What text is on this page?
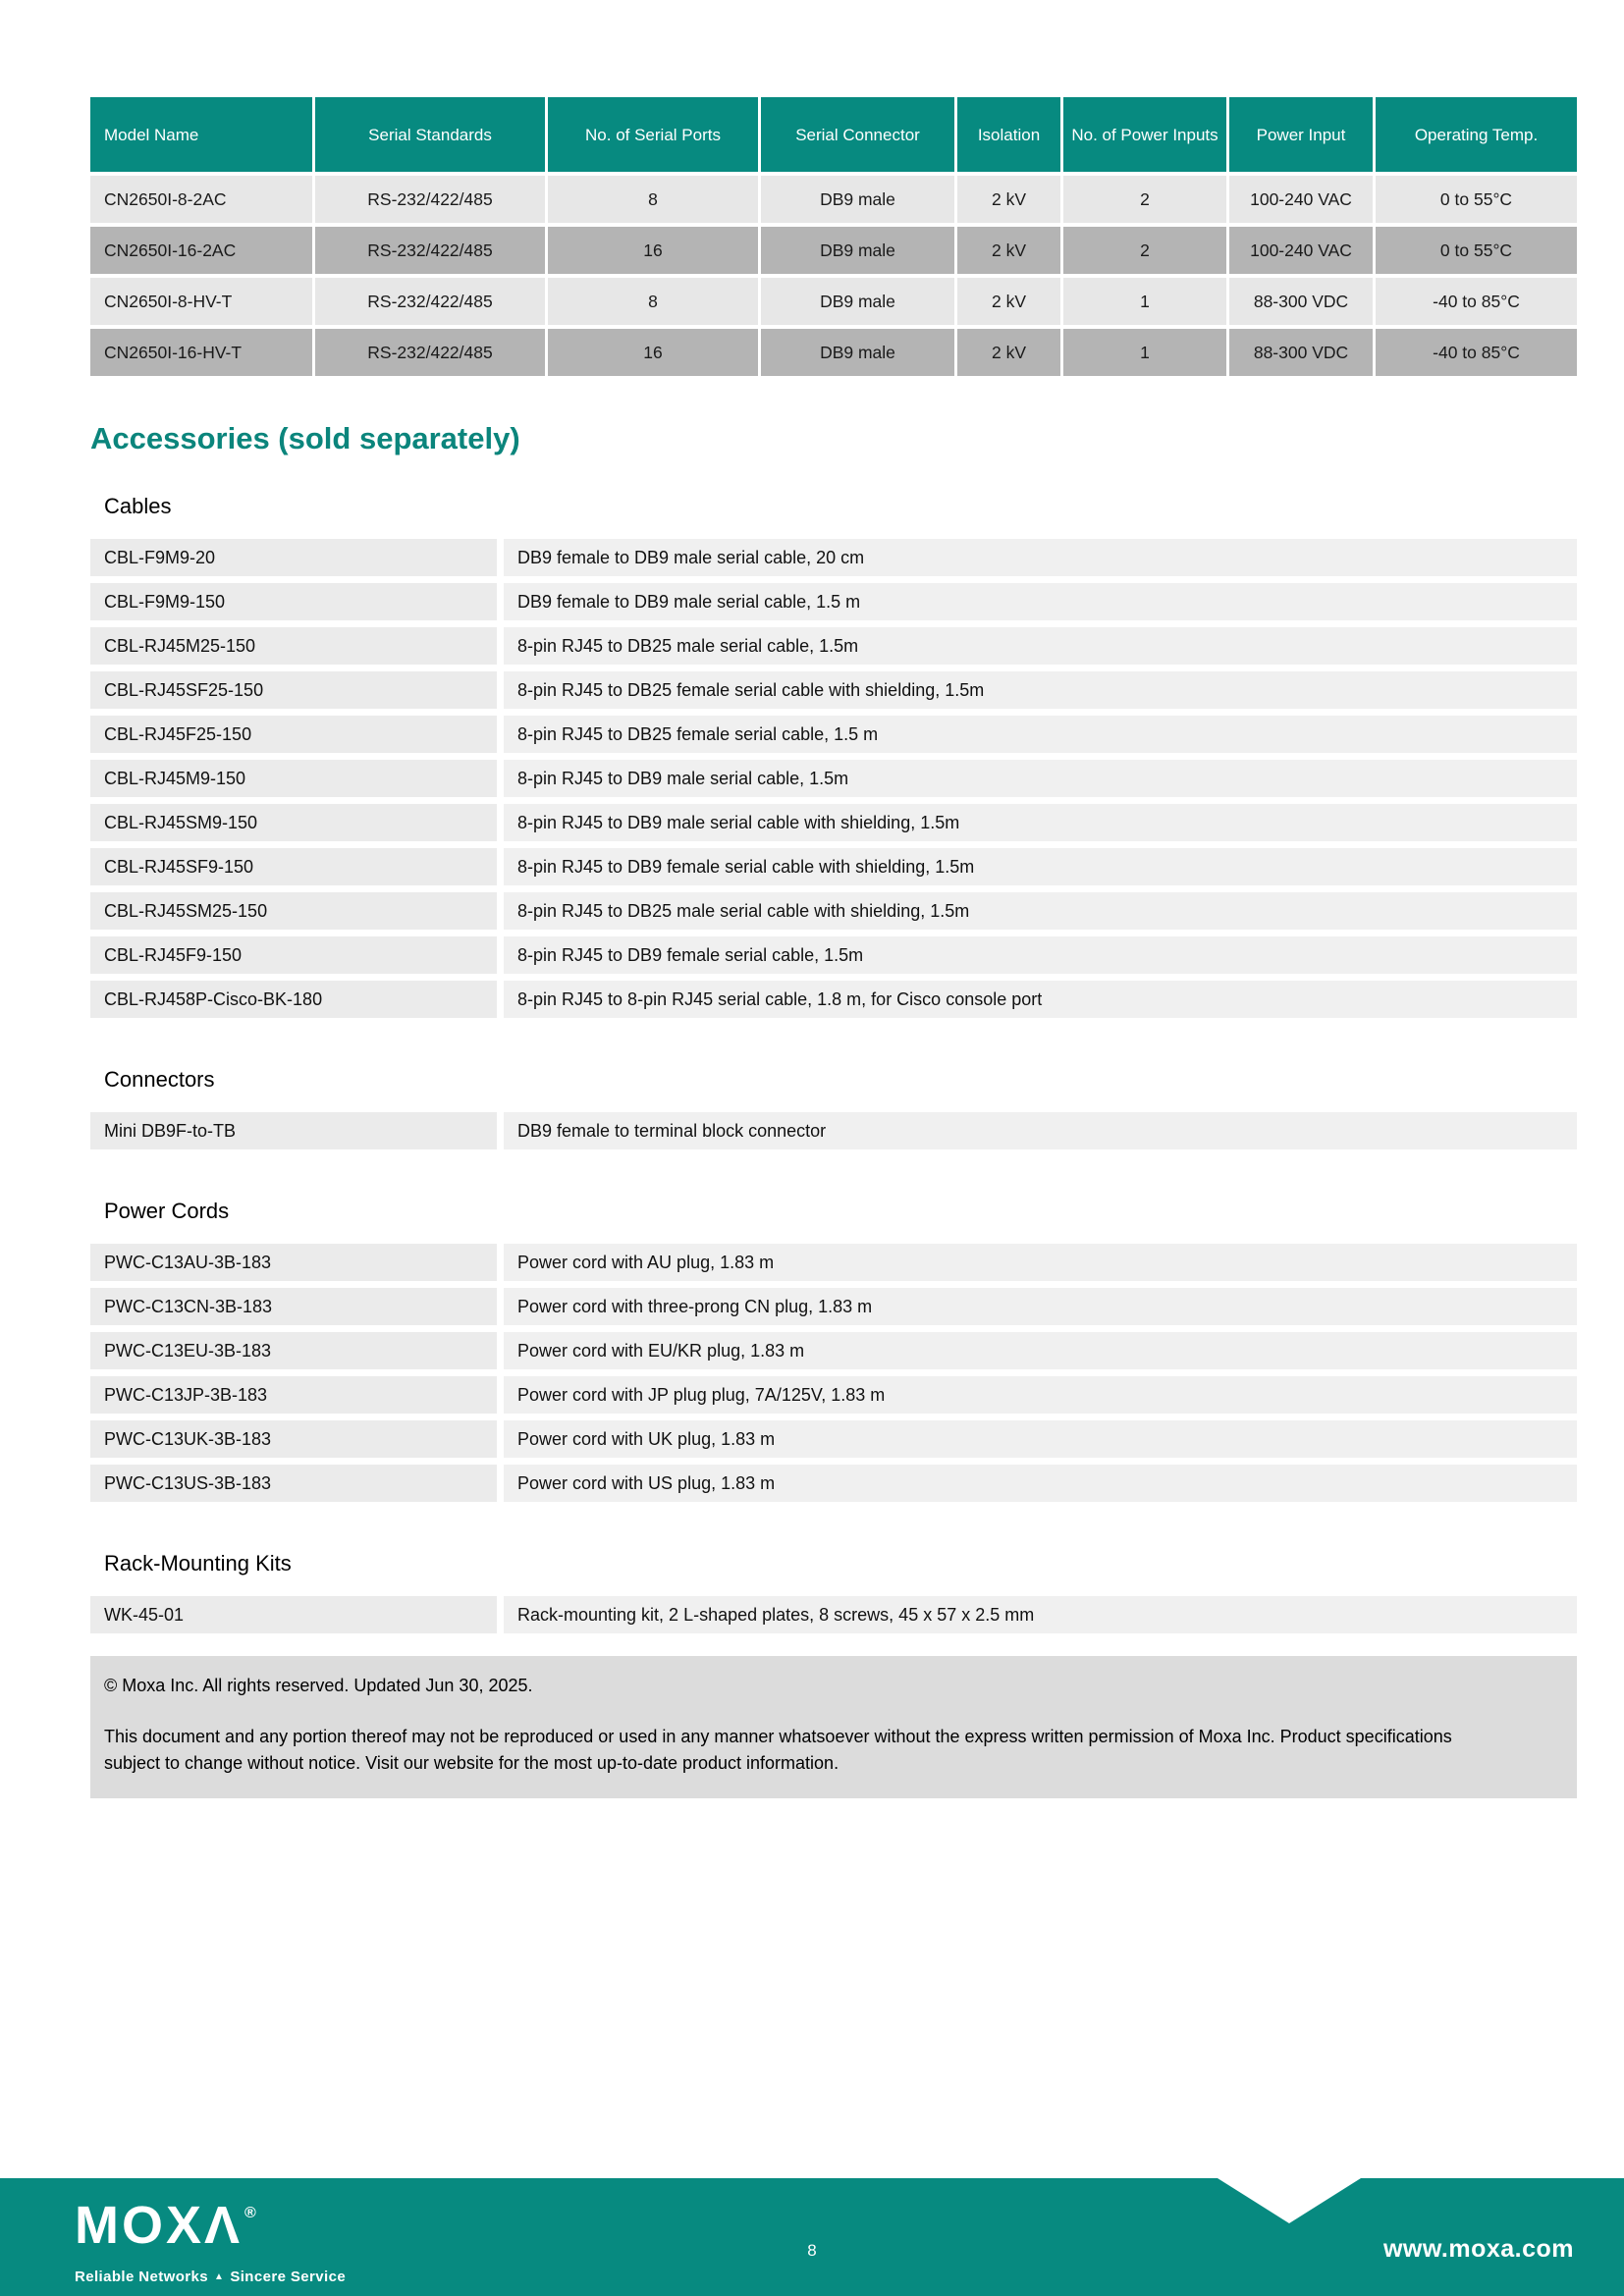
Model Name	Serial Standards	No. of Serial Ports	Serial Connector	Isolation	No. of Power Inputs	Power Input	Operating Temp.
CN2650I-8-2AC	RS-232/422/485	8	DB9 male	2 kV	2	100-240 VAC	0 to 55°C
CN2650I-16-2AC	RS-232/422/485	16	DB9 male	2 kV	2	100-240 VAC	0 to 55°C
CN2650I-8-HV-T	RS-232/422/485	8	DB9 male	2 kV	1	88-300 VDC	-40 to 85°C
CN2650I-16-HV-T	RS-232/422/485	16	DB9 male	2 kV	1	88-300 VDC	-40 to 85°C
Accessories (sold separately)
Cables
CBL-F9M9-20	DB9 female to DB9 male serial cable, 20 cm
CBL-F9M9-150	DB9 female to DB9 male serial cable, 1.5 m
CBL-RJ45M25-150	8-pin RJ45 to DB25 male serial cable, 1.5m
CBL-RJ45SF25-150	8-pin RJ45 to DB25 female serial cable with shielding, 1.5m
CBL-RJ45F25-150	8-pin RJ45 to DB25 female serial cable, 1.5 m
CBL-RJ45M9-150	8-pin RJ45 to DB9 male serial cable, 1.5m
CBL-RJ45SM9-150	8-pin RJ45 to DB9 male serial cable with shielding, 1.5m
CBL-RJ45SF9-150	8-pin RJ45 to DB9 female serial cable with shielding, 1.5m
CBL-RJ45SM25-150	8-pin RJ45 to DB25 male serial cable with shielding, 1.5m
CBL-RJ45F9-150	8-pin RJ45 to DB9 female serial cable, 1.5m
CBL-RJ458P-Cisco-BK-180	8-pin RJ45 to 8-pin RJ45 serial cable, 1.8 m, for Cisco console port
Connectors
Mini DB9F-to-TB	DB9 female to terminal block connector
Power Cords
PWC-C13AU-3B-183	Power cord with AU plug, 1.83 m
PWC-C13CN-3B-183	Power cord with three-prong CN plug, 1.83 m
PWC-C13EU-3B-183	Power cord with EU/KR plug, 1.83 m
PWC-C13JP-3B-183	Power cord with JP plug plug, 7A/125V, 1.83 m
PWC-C13UK-3B-183	Power cord with UK plug, 1.83 m
PWC-C13US-3B-183	Power cord with US plug, 1.83 m
Rack-Mounting Kits
WK-45-01	Rack-mounting kit, 2 L-shaped plates, 8 screws, 45 x 57 x 2.5 mm
© Moxa Inc. All rights reserved. Updated Jun 30, 2025.
This document and any portion thereof may not be reproduced or used in any manner whatsoever without the express written permission of Moxa Inc. Product specifications subject to change without notice. Visit our website for the most up-to-date product information.
MOXΛ ®
Reliable Networks ▲ Sincere Service
8	www.moxa.com
